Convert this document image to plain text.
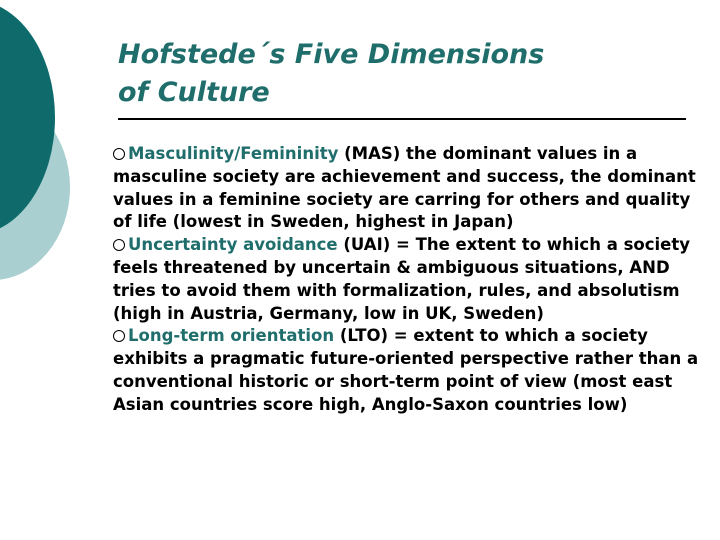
Hofstede´s Five Dimensions
of Culture

Masculinity/Femininity (MAS) the dominant values in a masculine society are achievement and success, the dominant values in a feminine society are carring for others and quality of life (lowest in Sweden, highest in Japan)

Uncertainty avoidance (UAI) = The extent to which a society feels threatened by uncertain & ambiguous situations, AND tries to avoid them with formalization, rules, and absolutism (high in Austria, Germany, low in UK, Sweden)

Long-term orientation (LTO) = extent to which a society exhibits a pragmatic future-oriented perspective rather than a conventional historic or short-term point of view (most east Asian countries score high, Anglo-Saxon countries low)
